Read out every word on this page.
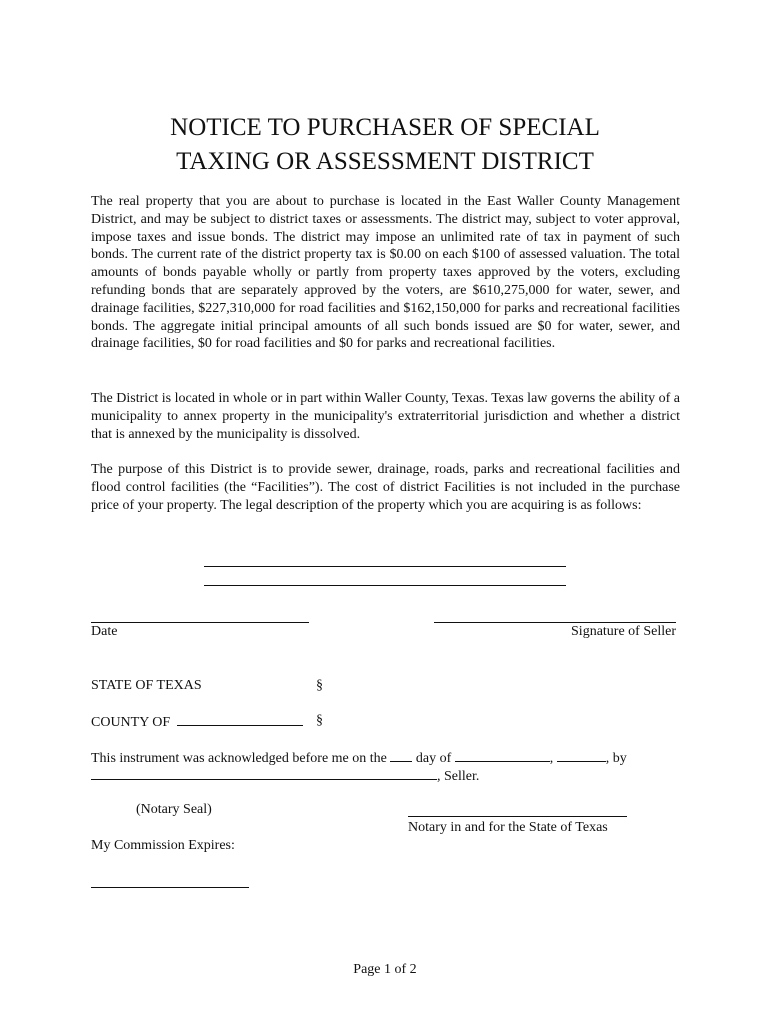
NOTICE TO PURCHASER OF SPECIAL
TAXING OR ASSESSMENT DISTRICT

The real property that you are about to purchase is located in the East Waller County Management District, and may be subject to district taxes or assessments. The district may, subject to voter approval, impose taxes and issue bonds. The district may impose an unlimited rate of tax in payment of such bonds. The current rate of the district property tax is $0.00 on each $100 of assessed valuation. The total amounts of bonds payable wholly or partly from property taxes approved by the voters, excluding refunding bonds that are separately approved by the voters, are $610,275,000 for water, sewer, and drainage facilities, $227,310,000 for road facilities and $162,150,000 for parks and recreational facilities bonds. The aggregate initial principal amounts of all such bonds issued are $0 for water, sewer, and drainage facilities, $0 for road facilities and $0 for parks and recreational facilities.

The District is located in whole or in part within Waller County, Texas. Texas law governs the ability of a municipality to annex property in the municipality's extraterritorial jurisdiction and whether a district that is annexed by the municipality is dissolved.

The purpose of this District is to provide sewer, drainage, roads, parks and recreational facilities and flood control facilities (the “Facilities”). The cost of district Facilities is not included in the purchase price of your property. The legal description of the property which you are acquiring is as follows:

Date	Signature of Seller
STATE OF TEXAS	§
COUNTY OF	§
This instrument was acknowledged before me on the day of	,	, by
, Seller.
(Notary Seal)
Notary in and for the State of Texas
My Commission Expires:
Page 1 of 2
